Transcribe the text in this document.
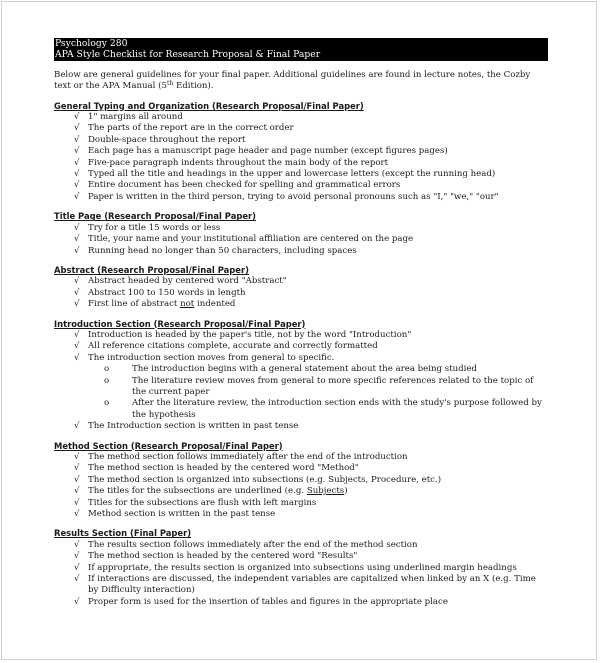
Psychology 280
APA Style Checklist for Research Proposal & Final Paper
Below are general guidelines for your final paper. Additional guidelines are found in lecture notes, the Cozby text or the APA Manual (5th Edition).
General Typing and Organization (Research Proposal/Final Paper)
√ 1" margins all around
√ The parts of the report are in the correct order
√ Double-space throughout the report
√ Each page has a manuscript page header and page number (except figures pages)
√ Five-pace paragraph indents throughout the main body of the report
√ Typed all the title and headings in the upper and lowercase letters (except the running head)
√ Entire document has been checked for spelling and grammatical errors
√ Paper is written in the third person, trying to avoid personal pronouns such as "I," "we," "our"
Title Page (Research Proposal/Final Paper)
√ Try for a title 15 words or less
√ Title, your name and your institutional affiliation are centered on the page
√ Running head no longer than 50 characters, including spaces
Abstract (Research Proposal/Final Paper)
√ Abstract headed by centered word "Abstract"
√ Abstract 100 to 150 words in length
√ First line of abstract not indented
Introduction Section (Research Proposal/Final Paper)
√ Introduction is headed by the paper's title, not by the word "Introduction"
√ All reference citations complete, accurate and correctly formatted
√ The introduction section moves from general to specific.
o	The introduction begins with a general statement about the area being studied
o	The literature review moves from general to more specific references related to the topic of the current paper
o	After the literature review, the introduction section ends with the study's purpose followed by the hypothesis
√ The Introduction section is written in past tense
Method Section (Research Proposal/Final Paper)
√ The method section follows immediately after the end of the introduction
√ The method section is headed by the centered word "Method"
√ The method section is organized into subsections (e.g. Subjects, Procedure, etc.)
√ The titles for the subsections are underlined (e.g. Subjects)
√ Titles for the subsections are flush with left margins
√ Method section is written in the past tense
Results Section (Final Paper)
√ The results section follows immediately after the end of the method section
√ The method section is headed by the centered word "Results"
√ If appropriate, the results section is organized into subsections using underlined margin headings
√ If interactions are discussed, the independent variables are capitalized when linked by an X (e.g. Time by Difficulty interaction)
√ Proper form is used for the insertion of tables and figures in the appropriate place
